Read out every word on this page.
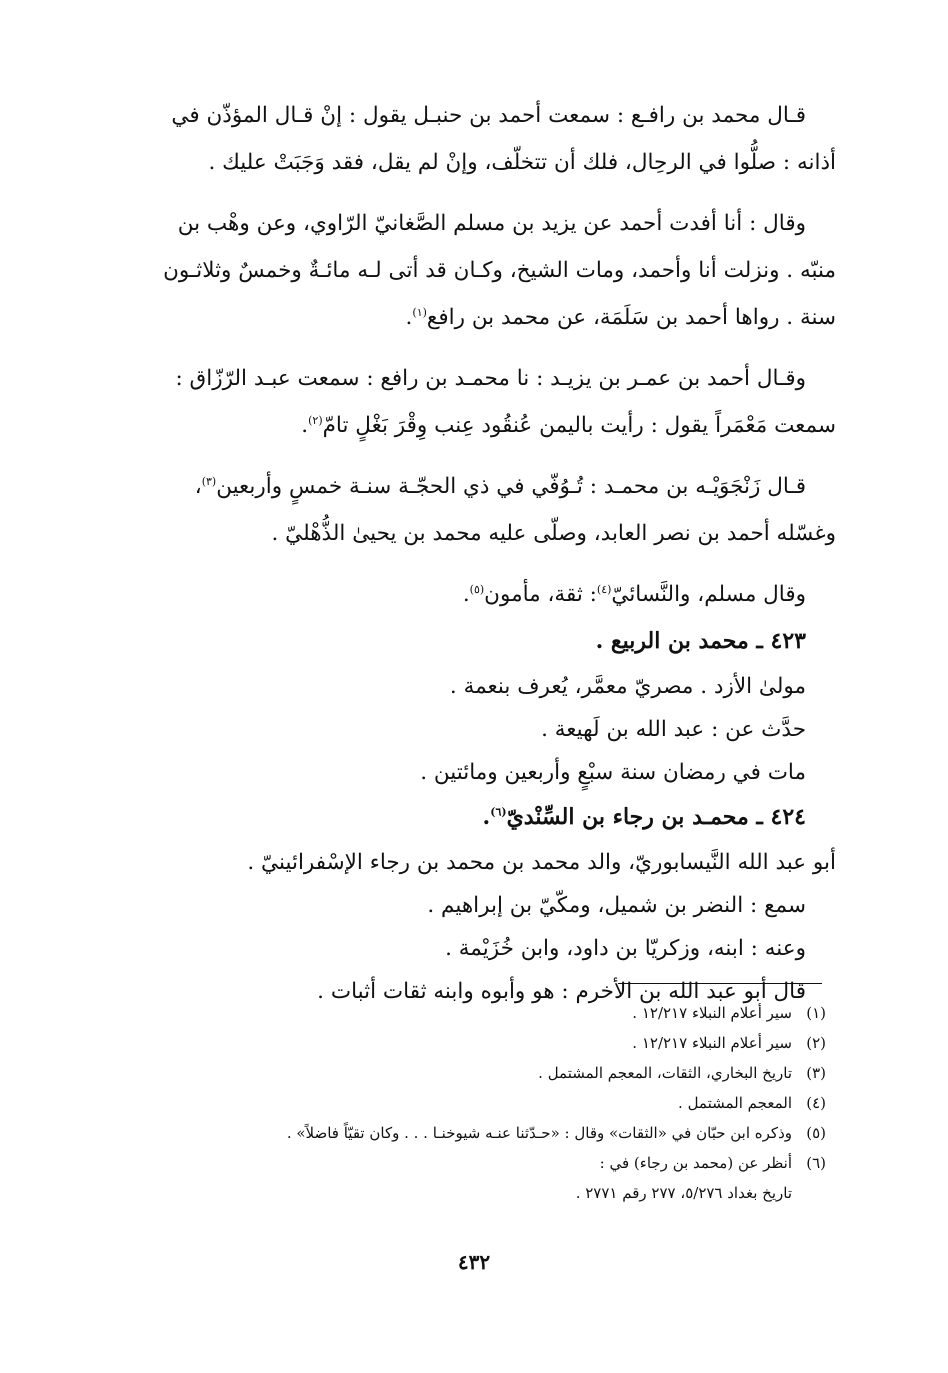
قـال محمد بن رافـع : سمعت أحمد بن حنبـل يقول : إنْ قـال المؤذّن في
أذانه : صلُّوا في الرحِال، فلك أن تتخلّف، وإنْ لم يقل، فقد وَجَبَتْ عليك .
وقال : أنا أفدت أحمد عن يزيد بن مسلم الصَّغانيّ الرّاوي، وعن وهْب بن
منبّه . ونزلت أنا وأحمد، ومات الشيخ، وكـان قد أتى لـه مائـةٌ وخمسٌ وثلاثـون
سنة . رواها أحمد بن سَلَمَة، عن محمد بن رافع$^{(١)}$.
وقـال أحمد بن عمـر بن يزيـد : نا محمـد بن رافع : سمعت عبـد الرّزّاق :
سمعت مَعْمَراً يقول : رأيت باليمن عُنقُود عِنب وِقْرَ بَغْلٍ تامّ$^{(٢)}$.
قـال زَنْجَوَيْـه بن محمـد : تُـوُفّي في ذي الحجّـة سنـة خمسٍ وأربعين$^{(٣)}$،
وغسّله أحمد بن نصر العابد، وصلّى عليه محمد بن يحيىٰ الذُّهْليّ .
وقال مسلم، والنَّسائيّ$^{(٤)}$: ثقة، مأمون$^{(٥)}$.
٤٢٣ ـ محمد بن الربيع .
مولىٰ الأزد . مصريّ معمَّر، يُعرف بنعمة .
حدَّث عن : عبد الله بن لَهيعة .
مات في رمضان سنة سبْعٍ وأربعين ومائتين .
٤٢٤ ـ محمـد بن رجاء بن السِّنْديّ$^{(٦)}$.
أبو عبد الله النَّيسابوريّ، والد محمد بن محمد بن رجاء الإسْفرائينيّ .
سمع : النضر بن شميل، ومكّيّ بن إبراهيم .
وعنه : ابنه، وزكريّا بن داود، وابن خُزَيْمة .
قال أبو عبد الله بن الأخرم : هو وأبوه وابنه ثقات أثبات .
(١)
سير أعلام النبلاء ١٢/٢١٧ .
(٢)
سير أعلام النبلاء ١٢/٢١٧ .
(٣)
تاريخ البخاري، الثقات، المعجم المشتمل .
(٤)
المعجم المشتمل .
(٥)
وذكره ابن حبّان في «الثقات» وقال : «حـدّثنا عنـه شيوخنـا . . . وكان تقيّاً فاضلاً» .
(٦)
أنظر عن (محمد بن رجاء) في :
تاريخ بغداد ٥/٢٧٦، ٢٧٧ رقم ٢٧٧١ .
٤٣٢
